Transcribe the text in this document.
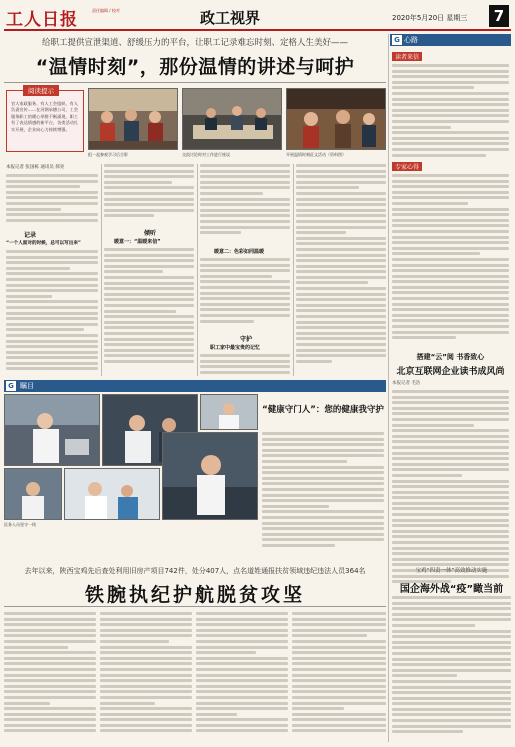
工人日报	责任编辑 / 校对	政工视界	2020年5月20日 星期三	7
给职工提供宣泄渠道、舒缓压力的平台，让职工记录难忘时刻、定格人生美好——
“温情时刻”，那份温情的讲述与呵护
阅读提示
官人家政服务、有人工会组织，有人负责宣传……在河钢承德公司，工会服务职工的暖心举措不断涌现，职工有了表达情感的新平台，各类活动扎实开展，企业向心力持续增强。
组一起参观学习后合影	交流讨论时对工作进行座谈	开展温情时刻征文活动（资料图）
本报记者 张国栋 通讯员 郝亮
记录
“一个人面对的时候，总可以写出来”
倾听
暖意一：“温暖来信”
暖意二：色彩如同温暖
守护
职工家中最宝贵的记忆
G 心路
读者来信
专家心得
搭建“云”阅 书香致心
北京互联网企业读书成风尚
本报记者 毛浩
G 瞩目
“健康守门人”：您的健康我守护
医务人员坚守一线
去年以来，陕西宝鸡先后查处利用旧房产项目742件，处分407人，点名道姓通报扶贫领域违纪违法人员364名
铁腕执纪护航脱贫攻坚
宝鸡“四责一体”高效推动实施
国企海外战“疫”瞰当前
